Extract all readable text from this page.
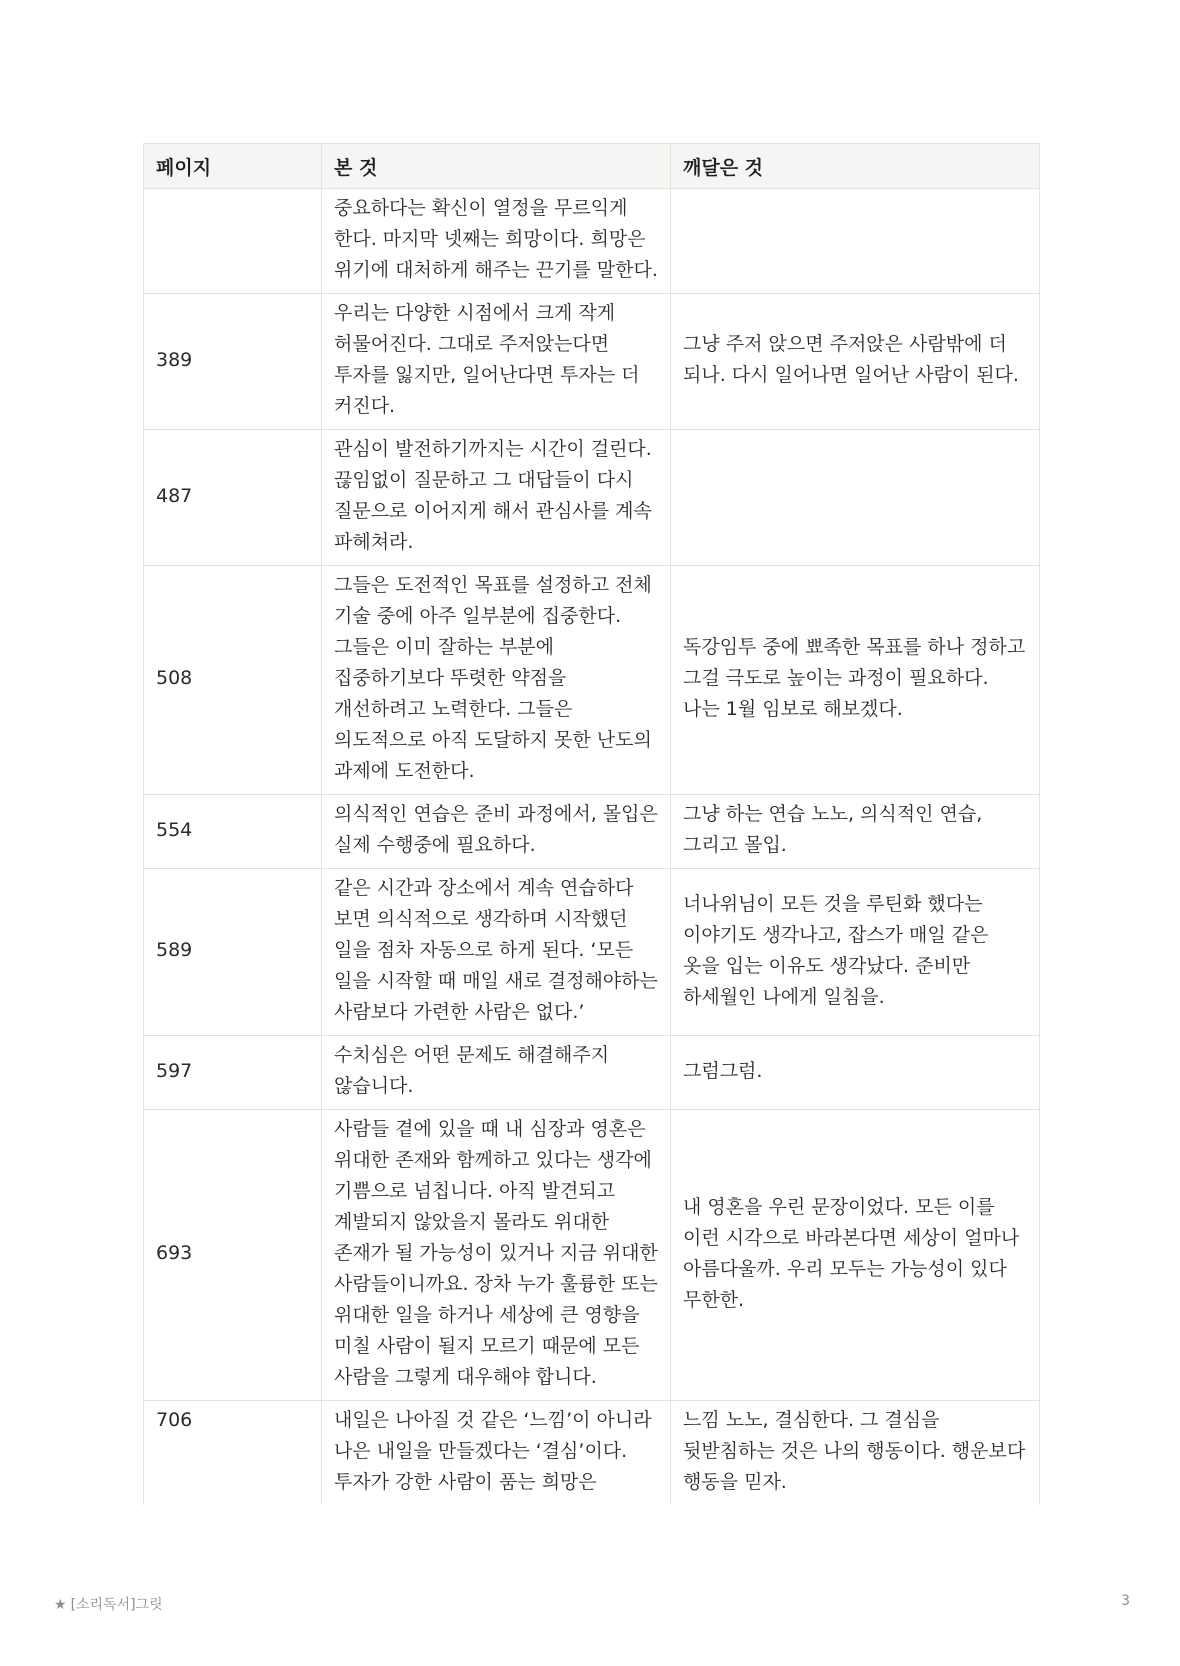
페이지	본 것	깨달은 것
	중요하다는 확신이 열정을 무르익게 한다. 마지막 넷째는 희망이다. 희망은 위기에 대처하게 해주는 끈기를 말한다.	
389	우리는 다양한 시점에서 크게 작게 허물어진다. 그대로 주저앉는다면 투자를 잃지만, 일어난다면 투자는 더 커진다.	그냥 주저 앉으면 주저앉은 사람밖에 더 되나. 다시 일어나면 일어난 사람이 된다.
487	관심이 발전하기까지는 시간이 걸린다. 끊임없이 질문하고 그 대답들이 다시 질문으로 이어지게 해서 관심사를 계속 파헤쳐라.	
508	그들은 도전적인 목표를 설정하고 전체 기술 중에 아주 일부분에 집중한다. 그들은 이미 잘하는 부분에 집중하기보다 뚜렷한 약점을 개선하려고 노력한다. 그들은 의도적으로 아직 도달하지 못한 난도의 과제에 도전한다.	독강임투 중에 뾰족한 목표를 하나 정하고 그걸 극도로 높이는 과정이 필요하다. 나는 1월 임보로 해보겠다.
554	의식적인 연습은 준비 과정에서, 몰입은 실제 수행중에 필요하다.	그냥 하는 연습 노노, 의식적인 연습, 그리고 몰입.
589	같은 시간과 장소에서 계속 연습하다 보면 의식적으로 생각하며 시작했던 일을 점차 자동으로 하게 된다. ‘모든 일을 시작할 때 매일 새로 결정해야하는 사람보다 가련한 사람은 없다.’	너나위님이 모든 것을 루틴화 했다는 이야기도 생각나고, 잡스가 매일 같은 옷을 입는 이유도 생각났다. 준비만 하세월인 나에게 일침을.
597	수치심은 어떤 문제도 해결해주지 않습니다.	그럼그럼.
693	사람들 곁에 있을 때 내 심장과 영혼은 위대한 존재와 함께하고 있다는 생각에 기쁨으로 넘칩니다. 아직 발견되고 계발되지 않았을지 몰라도 위대한 존재가 될 가능성이 있거나 지금 위대한 사람들이니까요. 장차 누가 훌륭한 또는 위대한 일을 하거나 세상에 큰 영향을 미칠 사람이 될지 모르기 때문에 모든 사람을 그렇게 대우해야 합니다.	내 영혼을 우린 문장이었다. 모든 이를 이런 시각으로 바라본다면 세상이 얼마나 아름다울까. 우리 모두는 가능성이 있다 무한한.
706	내일은 나아질 것 같은 ‘느낌’이 아니라 나은 내일을 만들겠다는 ‘결심’이다. 투자가 강한 사람이 품는 희망은	느낌 노노, 결심한다. 그 결심을 뒷받침하는 것은 나의 행동이다. 행운보다 행동을 믿자.
★ [소리독서]그릿	3
